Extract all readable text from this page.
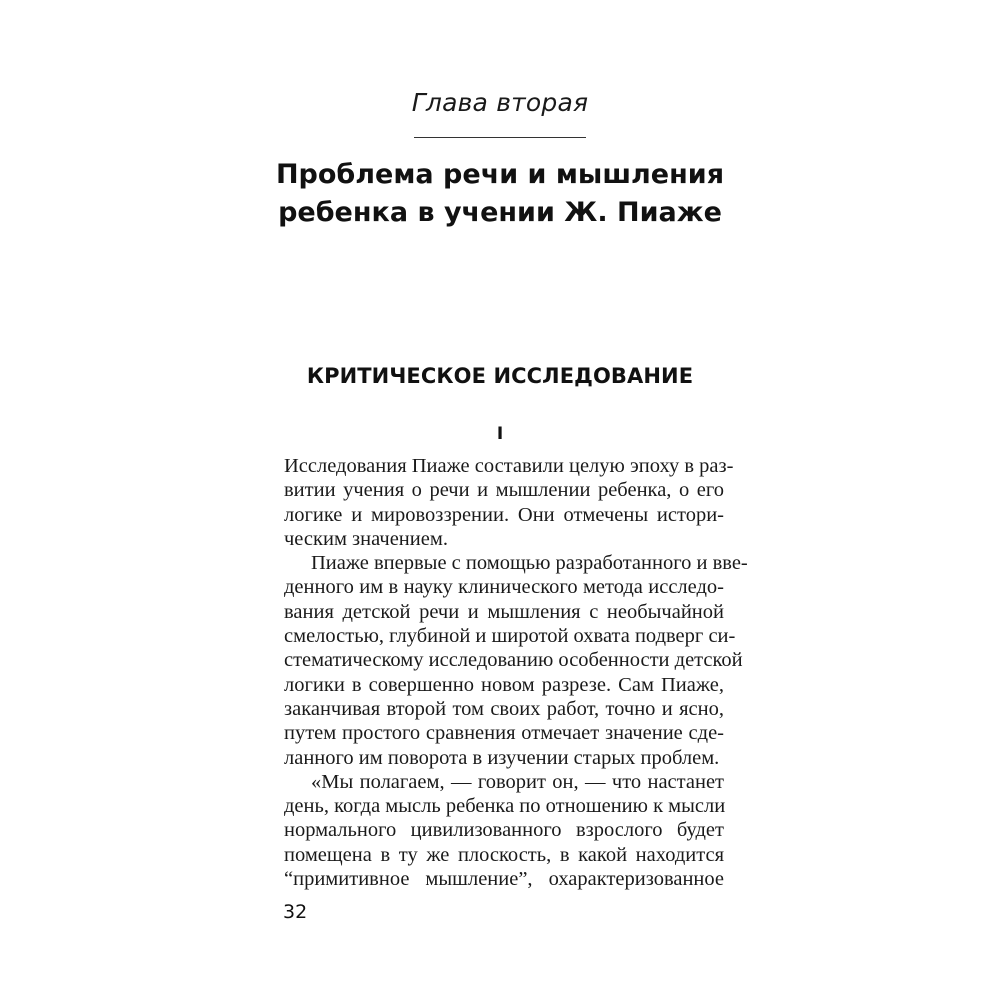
Глава вторая
Проблема речи и мышления
ребенка в учении Ж. Пиаже
КРИТИЧЕСКОЕ ИССЛЕДОВАНИЕ
I
Исследования Пиаже составили целую эпоху в раз-
витии учения о речи и мышлении ребенка, о его
логике и мировоззрении. Они отмечены истори-
ческим значением.
Пиаже впервые с помощью разработанного и вве-
денного им в науку клинического метода исследо-
вания детской речи и мышления с необычайной
смелостью, глубиной и широтой охвата подверг си-
стематическому исследованию особенности детской
логики в совершенно новом разрезе. Сам Пиаже,
заканчивая второй том своих работ, точно и ясно,
путем простого сравнения отмечает значение сде-
ланного им поворота в изучении старых проблем.
«Мы полагаем, — говорит он, — что настанет
день, когда мысль ребенка по отношению к мысли
нормального цивилизованного взрослого будет
помещена в ту же плоскость, в какой находится
“примитивное мышление”, охарактеризованное
32
